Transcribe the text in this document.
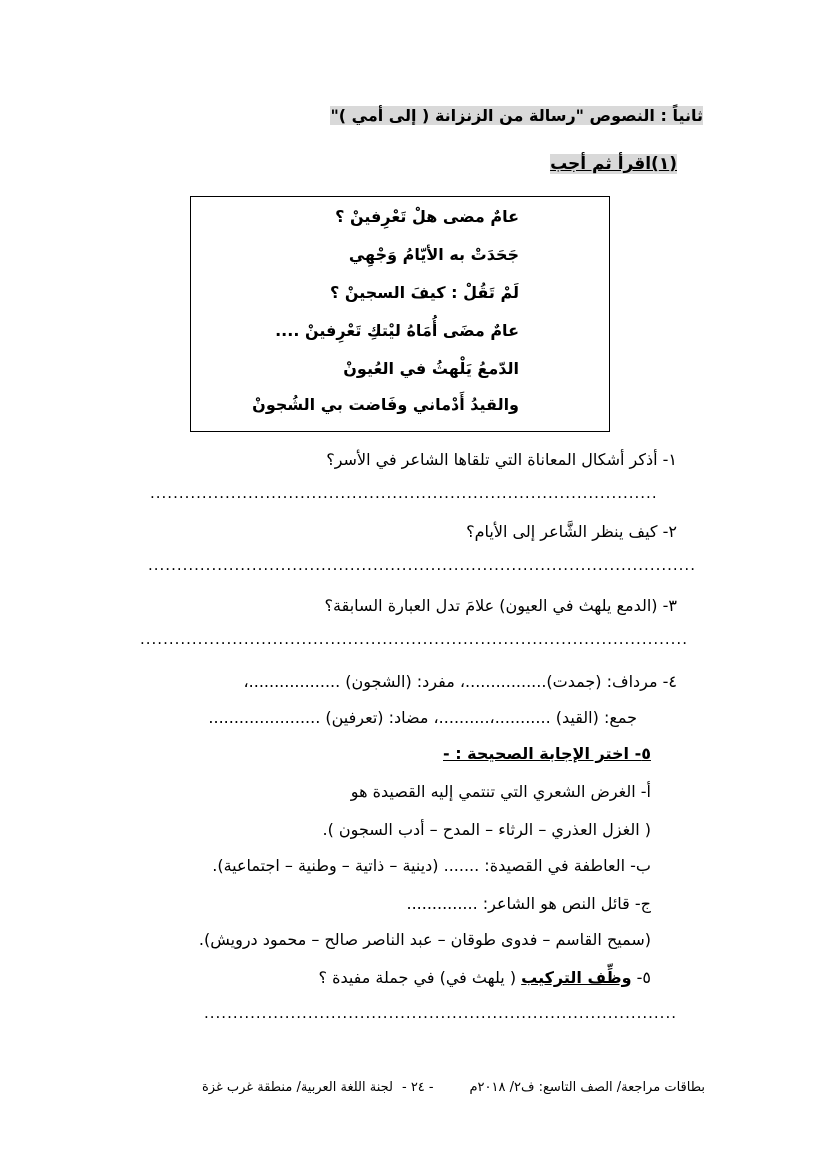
ثانياً : النصوص "رسالة من الزنزانة ( إلى أمي )"
(١)اقرأ ثم أجب
عامٌ مضى هلْ تَعْرِفينْ ؟
جَحَدَتْ به الأيّامُ وَجْهِي
لَمْ تَقُلْ : كيفَ السجينْ ؟
عامٌ مضَى أُمَاهُ ليْتكِ تَعْرِفينْ ....
الدّمعُ يَلْهثُ في العُيونْ
والقيدُ أَدْماني وفَاضت بي الشُجونْ
١- أذكر أشكال المعاناة التي تلقاها الشاعر في الأسر؟
........................................................................................
٢- كيف ينظر الشَّاعر إلى الأيام؟
...............................................................................................
٣- (الدمع يلهث في العيون) علامَ تدل العبارة السابقة؟
...............................................................................................
٤- مرداف: (جمدت)................، مفرد: (الشجون) ..................،
جمع: (القيد) ...........،..........، مضاد: (تعرفين) ......................
٥- اختر الإجابة الصحيحة : -
أ- الغرض الشعري التي تنتمي إليه القصيدة هو
( الغزل العذري – الرثاء – المدح – أدب السجون ).
ب- العاطفة في القصيدة: ....... (دينية – ذاتية – وطنية – اجتماعية).
ج- قائل النص هو الشاعر: ..............
(سميح القاسم – فدوى طوقان – عبد الناصر صالح – محمود درويش).
٥- وظِّف التركيب ( يلهث في) في جملة مفيدة ؟
..................................................................................
بطاقات مراجعة/ الصف التاسع: ف٢/ ٢٠١٨م
- ٢٤ -
لجنة اللغة العربية/ منطقة غرب غزة
